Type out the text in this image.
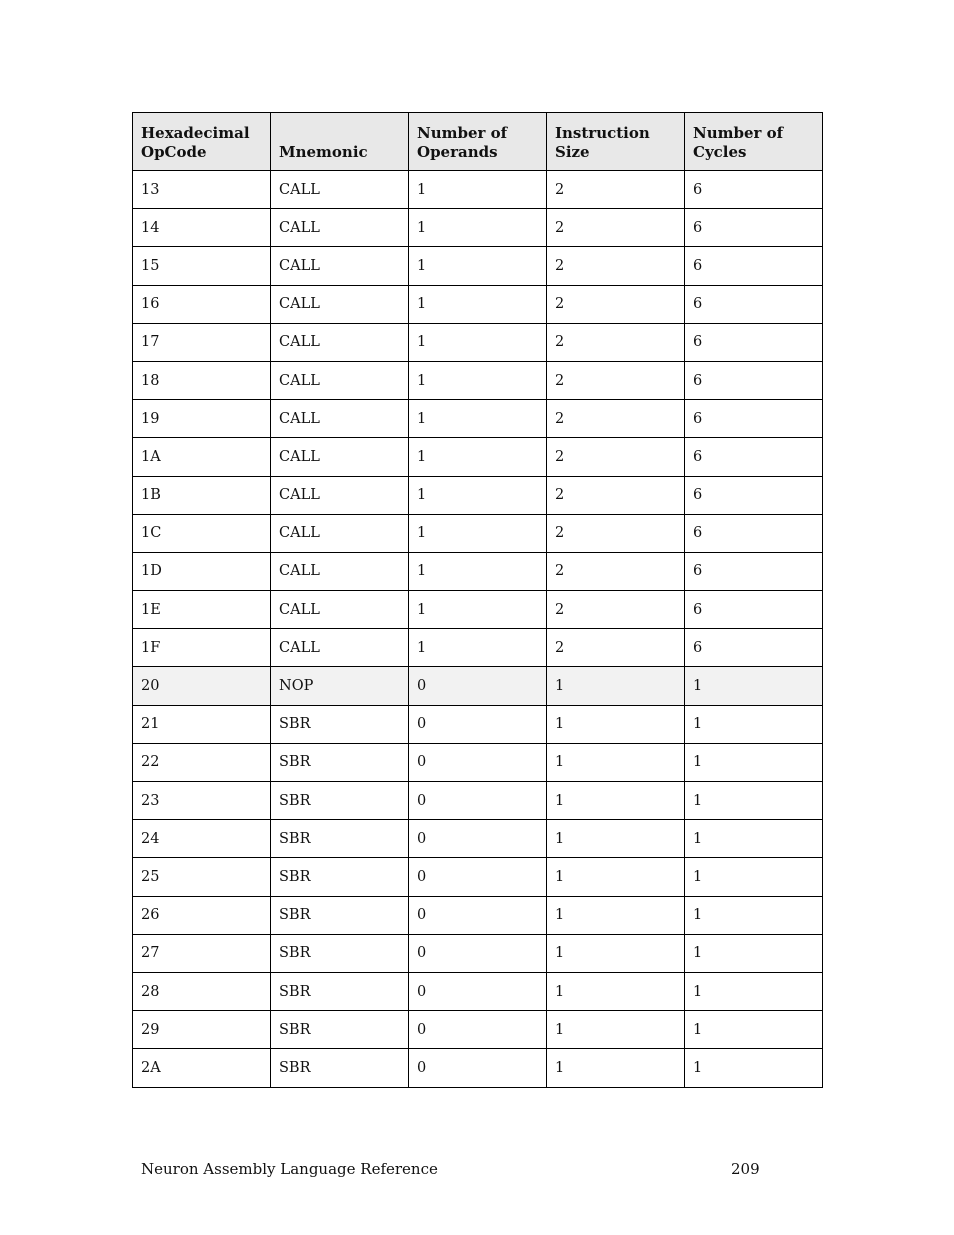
Hexadecimal OpCode	Mnemonic	Number of Operands	Instruction Size	Number of Cycles
13	CALL	1	2	6
14	CALL	1	2	6
15	CALL	1	2	6
16	CALL	1	2	6
17	CALL	1	2	6
18	CALL	1	2	6
19	CALL	1	2	6
1A	CALL	1	2	6
1B	CALL	1	2	6
1C	CALL	1	2	6
1D	CALL	1	2	6
1E	CALL	1	2	6
1F	CALL	1	2	6
20	NOP	0	1	1
21	SBR	0	1	1
22	SBR	0	1	1
23	SBR	0	1	1
24	SBR	0	1	1
25	SBR	0	1	1
26	SBR	0	1	1
27	SBR	0	1	1
28	SBR	0	1	1
29	SBR	0	1	1
2A	SBR	0	1	1
Neuron Assembly Language Reference	209
